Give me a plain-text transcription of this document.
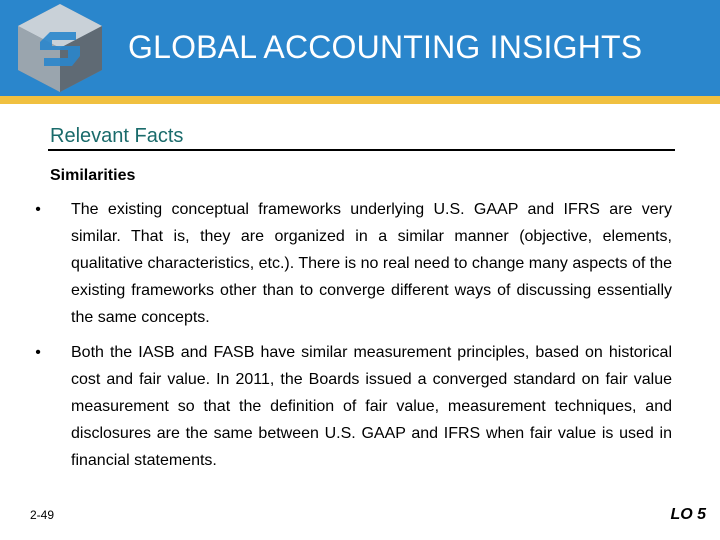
GLOBAL ACCOUNTING INSIGHTS
Relevant Facts
Similarities
•	The existing conceptual frameworks underlying U.S. GAAP and IFRS are very similar. That is, they are organized in a similar manner (objective, elements, qualitative characteristics, etc.). There is no real need to change many aspects of the existing frameworks other than to converge different ways of discussing essentially the same concepts.
•	Both the IASB and FASB have similar measurement principles, based on historical cost and fair value. In 2011, the Boards issued a converged standard on fair value measurement so that the definition of fair value, measurement techniques, and disclosures are the same between U.S. GAAP and IFRS when fair value is used in financial statements.
2-49	LO 5
